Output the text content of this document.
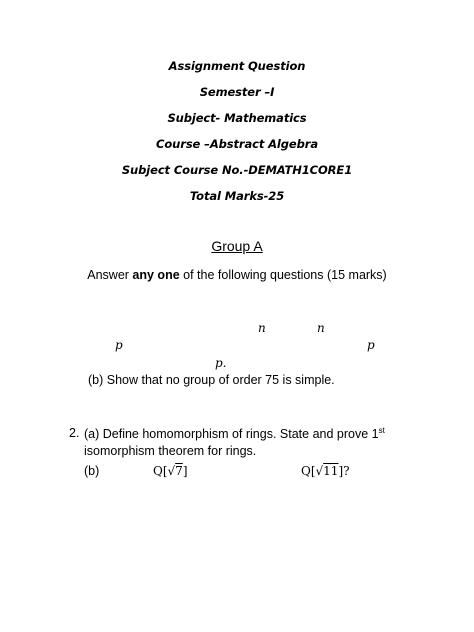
Assignment Question
Semester –I
Subject- Mathematics
Course –Abstract Algebra
Subject Course No.-DEMATH1CORE1
Total Marks-25
Group A
Answer any one of the following questions (15 marks)
n	n
p	p
p.
(b) Show that no group of order 75 is simple.
2. (a) Define homomorphism of rings. State and prove 1st
isomorphism theorem for rings.
(b)	Q[√7]	Q[√11]?
